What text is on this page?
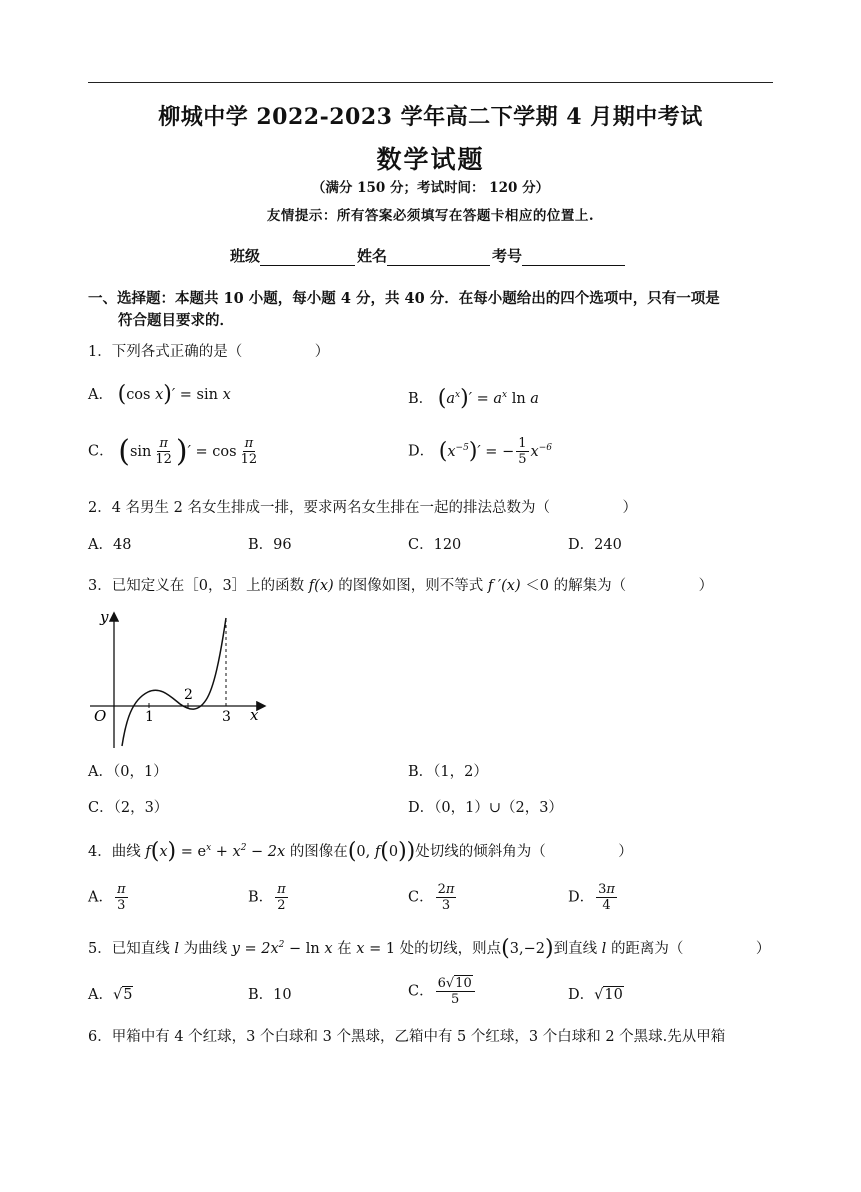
柳城中学 2022-2023 学年高二下学期 4 月期中考试
数学试题
（满分 150 分；考试时间： 120 分）
友情提示：所有答案必须填写在答题卡相应的位置上.
班级	姓名	考号
一、选择题：本题共 10 小题，每小题 4 分，共 40 分．在每小题给出的四个选项中，只有一项是
符合题目要求的．
1．下列各式正确的是（　　　　　）
A． (cos x)′ = sin x	B． $(a^x)' = a^x$ ln a
C． ($\sin \frac{\pi}{12}$ )′ = $\cos \frac{\pi}{12}$	D． $(x^{-5})'$ = − $\frac{1}{5} x^{-6}$
2．4 名男生 2 名女生排成一排，要求两名女生排在一起的排法总数为（　　　　　）
A．48	B．96	C．120	D．240
3．已知定义在［0，3］上的函数 f(x) 的图像如图，则不等式 f ′(x) ＜0 的解集为（　　　　　）
y
x
O	1
2
3
A．（0，1）	B．（1，2）
C．（2，3）	D．（0，1）∪（2，3）
4．曲线 $f(x) = e^x + x^2 - 2x$ 的图像在(0, f(0))处切线的倾斜角为（　　　　　）
A． $\frac{\pi}{3}$	B． $\frac{\pi}{2}$	C． $\frac{2\pi}{3}$	D． $\frac{3\pi}{4}$
5．已知直线 l 为曲线 $y = 2x^2 - \ln x$ 在 x = 1 处的切线，则点(3,−2)到直线 l 的距离为（　　　　　）
A．√5	B．10	C． $\frac{6√10}{5}$	D．√10
6．甲箱中有 4 个红球，3 个白球和 3 个黑球，乙箱中有 5 个红球，3 个白球和 2 个黑球.先从甲箱
